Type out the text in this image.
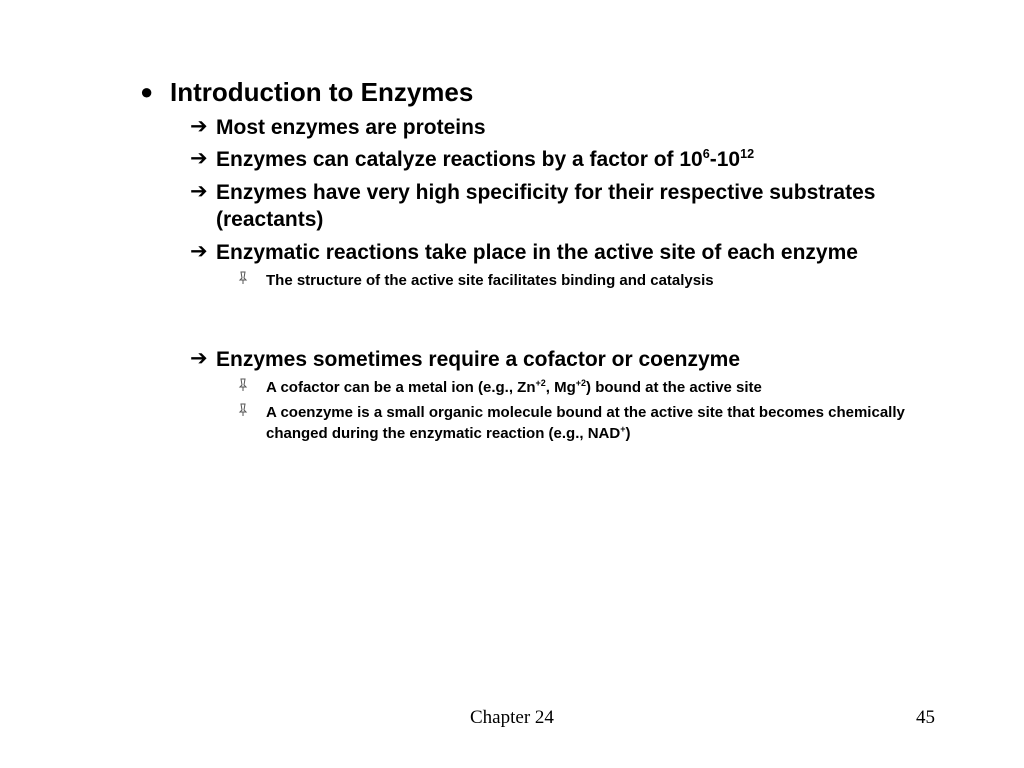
● Introduction to Enzymes
➔ Most enzymes are proteins
➔ Enzymes can catalyze reactions by a factor of $10^6-10^{12}$
➔ Enzymes have very high specificity for their respective substrates (reactants)
➔ Enzymatic reactions take place in the active site of each enzyme
The structure of the active site facilitates binding and catalysis
➔ Enzymes sometimes require a cofactor or coenzyme
A cofactor can be a metal ion (e.g., $Zn^{+2}$, $Mg^{+2}$) bound at the active site
A coenzyme is a small organic molecule bound at the active site that becomes chemically changed during the enzymatic reaction (e.g., NAD+)
Chapter 24	45
